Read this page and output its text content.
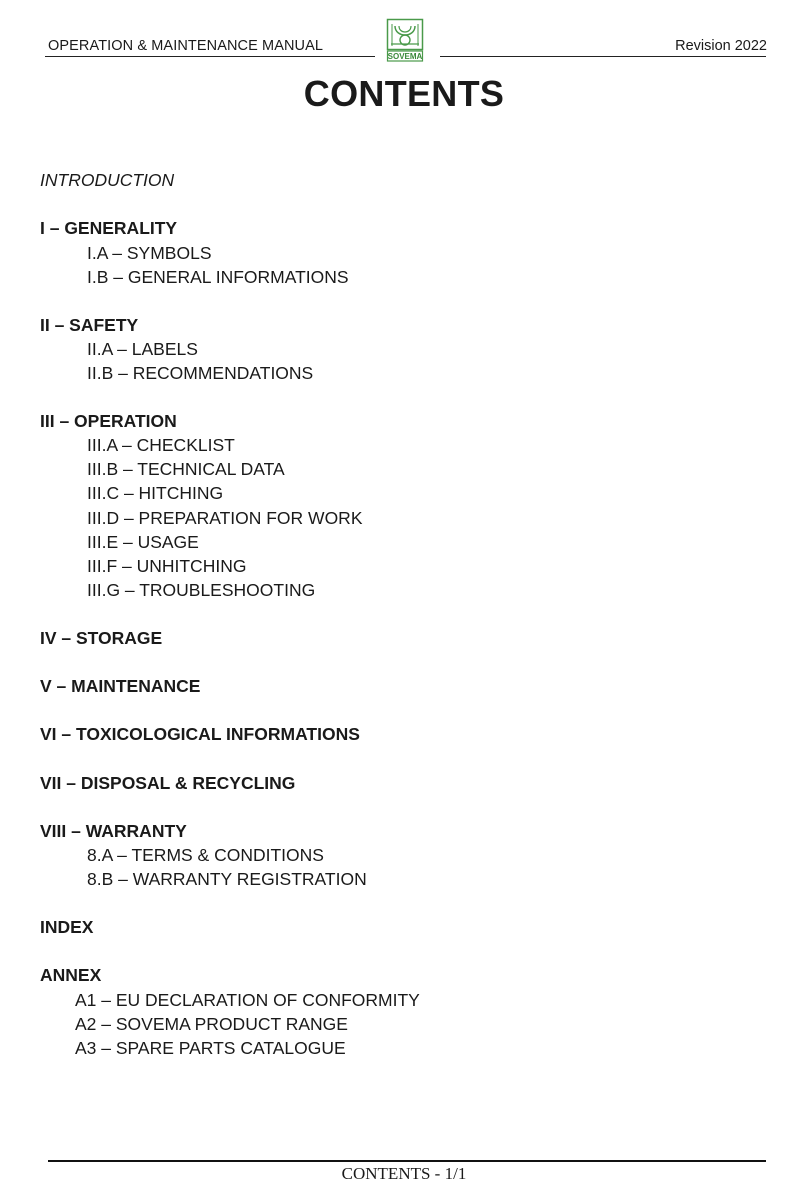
OPERATION & MAINTENANCE MANUAL
SOVEMA
Revision 2022
CONTENTS
INTRODUCTION
I – GENERALITY
I.A – SYMBOLS
I.B – GENERAL INFORMATIONS
II – SAFETY
II.A – LABELS
II.B – RECOMMENDATIONS
III – OPERATION
III.A – CHECKLIST
III.B – TECHNICAL DATA
III.C – HITCHING
III.D – PREPARATION FOR WORK
III.E – USAGE
III.F – UNHITCHING
III.G – TROUBLESHOOTING
IV – STORAGE
V – MAINTENANCE
VI – TOXICOLOGICAL INFORMATIONS
VII – DISPOSAL & RECYCLING
VIII – WARRANTY
8.A – TERMS & CONDITIONS
8.B – WARRANTY REGISTRATION
INDEX
ANNEX
A1 – EU DECLARATION OF CONFORMITY
A2 – SOVEMA PRODUCT RANGE
A3 – SPARE PARTS CATALOGUE
CONTENTS - 1/1
